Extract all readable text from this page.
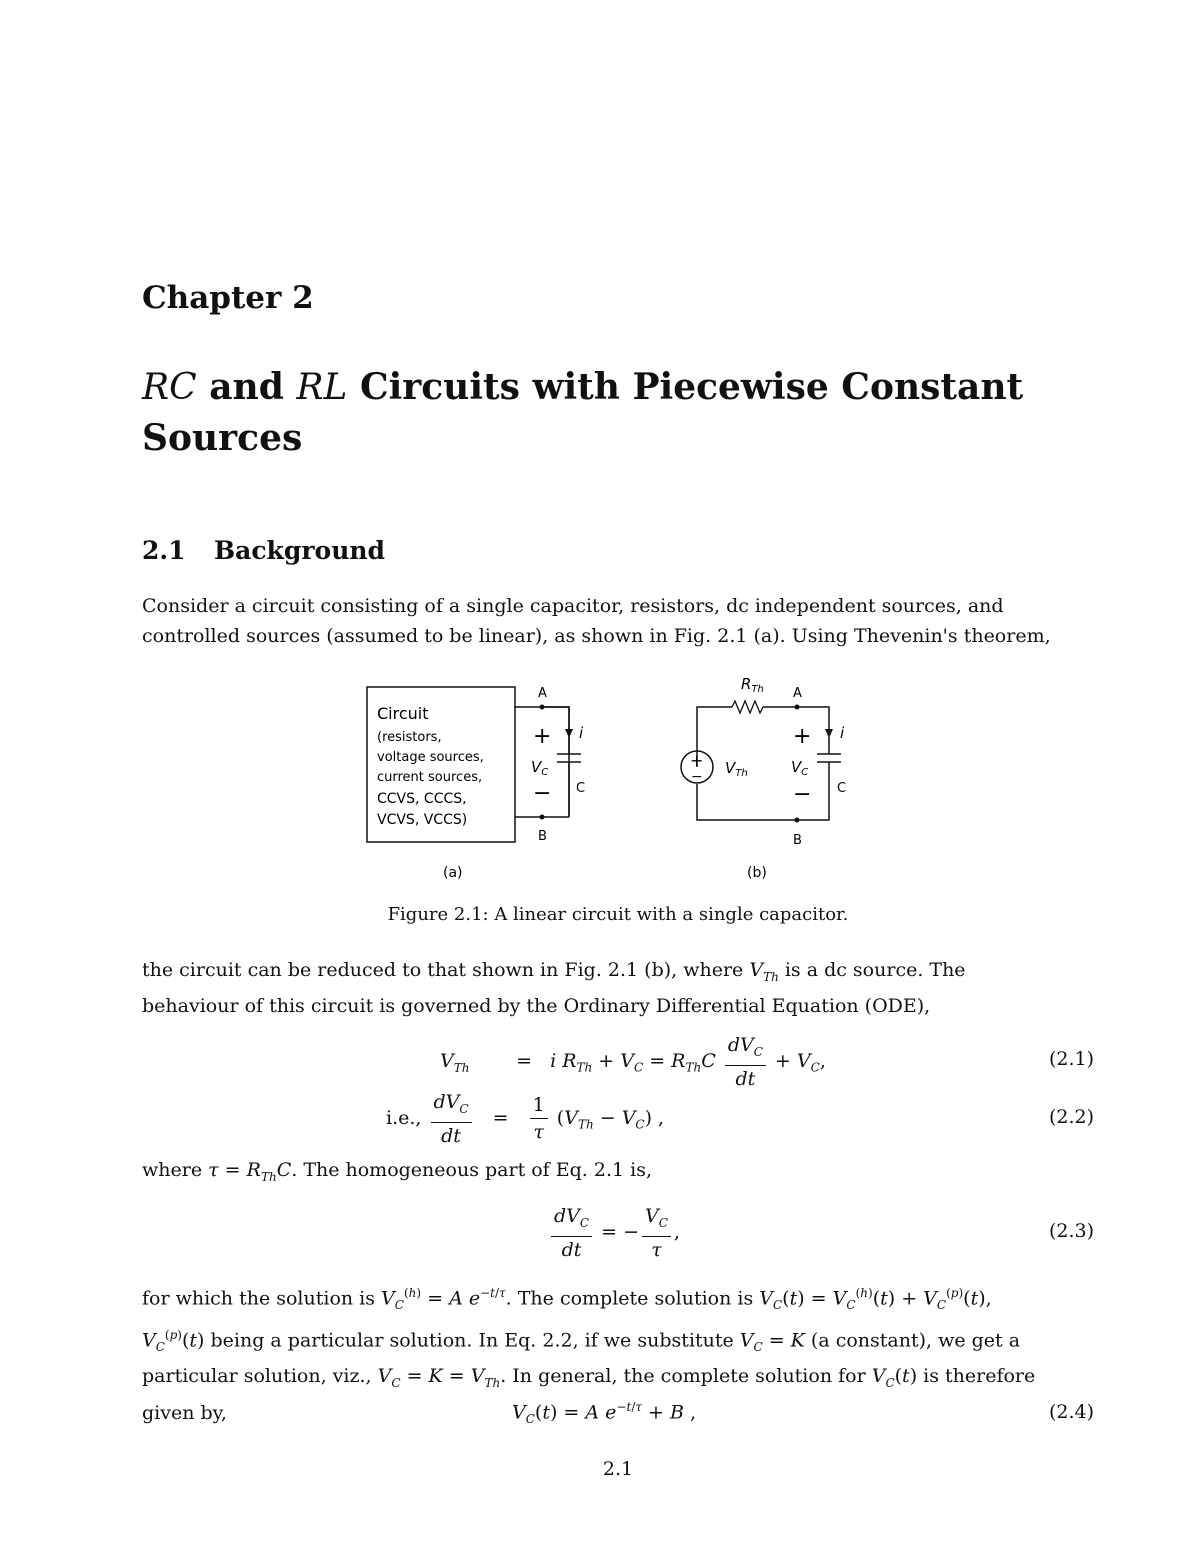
Chapter 2
RC and RL Circuits with Piecewise Constant
Sources
2.1 Background
Consider a circuit consisting of a single capacitor, resistors, dc independent sources, and
controlled sources (assumed to be linear), as shown in Fig. 2.1 (a). Using Thevenin's theorem,
Circuit
(resistors,
voltage sources,
current sources,
CCVS, CCCS,
VCVS, VCCS)
A
B
+
−
$V_C$
i
C
(a)
+
−
A
B
$R_{Th}$
$V_{Th}$
+
−
$V_C$
i
C
(b)
Figure 2.1: A linear circuit with a single capacitor.
the circuit can be reduced to that shown in Fig. 2.1 (b), where $V_{Th}$ is a dc source. The
behaviour of this circuit is governed by the Ordinary Differential Equation (ODE),
$V_{Th} = i$ $R_{Th} + V_C = R_{Th}C \frac{dV_C}{dt} + V_C$,	(2.1)
i.e., $\frac{dV_C}{dt} = \frac{1}{\tau} (V_{Th} - V_C)$ ,	(2.2)
where $\tau = R_{Th}C$. The homogeneous part of Eq. 2.1 is,
$\frac{dV_C}{dt}$ = − $\frac{V_C}{\tau}$ ,	(2.3)
for which the solution is $V_C^{(h)} = A$ $e^{-t/\tau}$. The complete solution is $V_C(t) = V_C^{(h)}(t) + V_C^{(p)}(t)$,
$V_C^{(p)}(t)$ being a particular solution. In Eq. 2.2, if we substitute $V_C = K$ (a constant), we get a
particular solution, viz., $V_C = K = V_{Th}$. In general, the complete solution for $V_C(t)$ is therefore
given by,	$V_C(t) = A$ $e^{-t/\tau} + B$ ,	(2.4)
2.1
